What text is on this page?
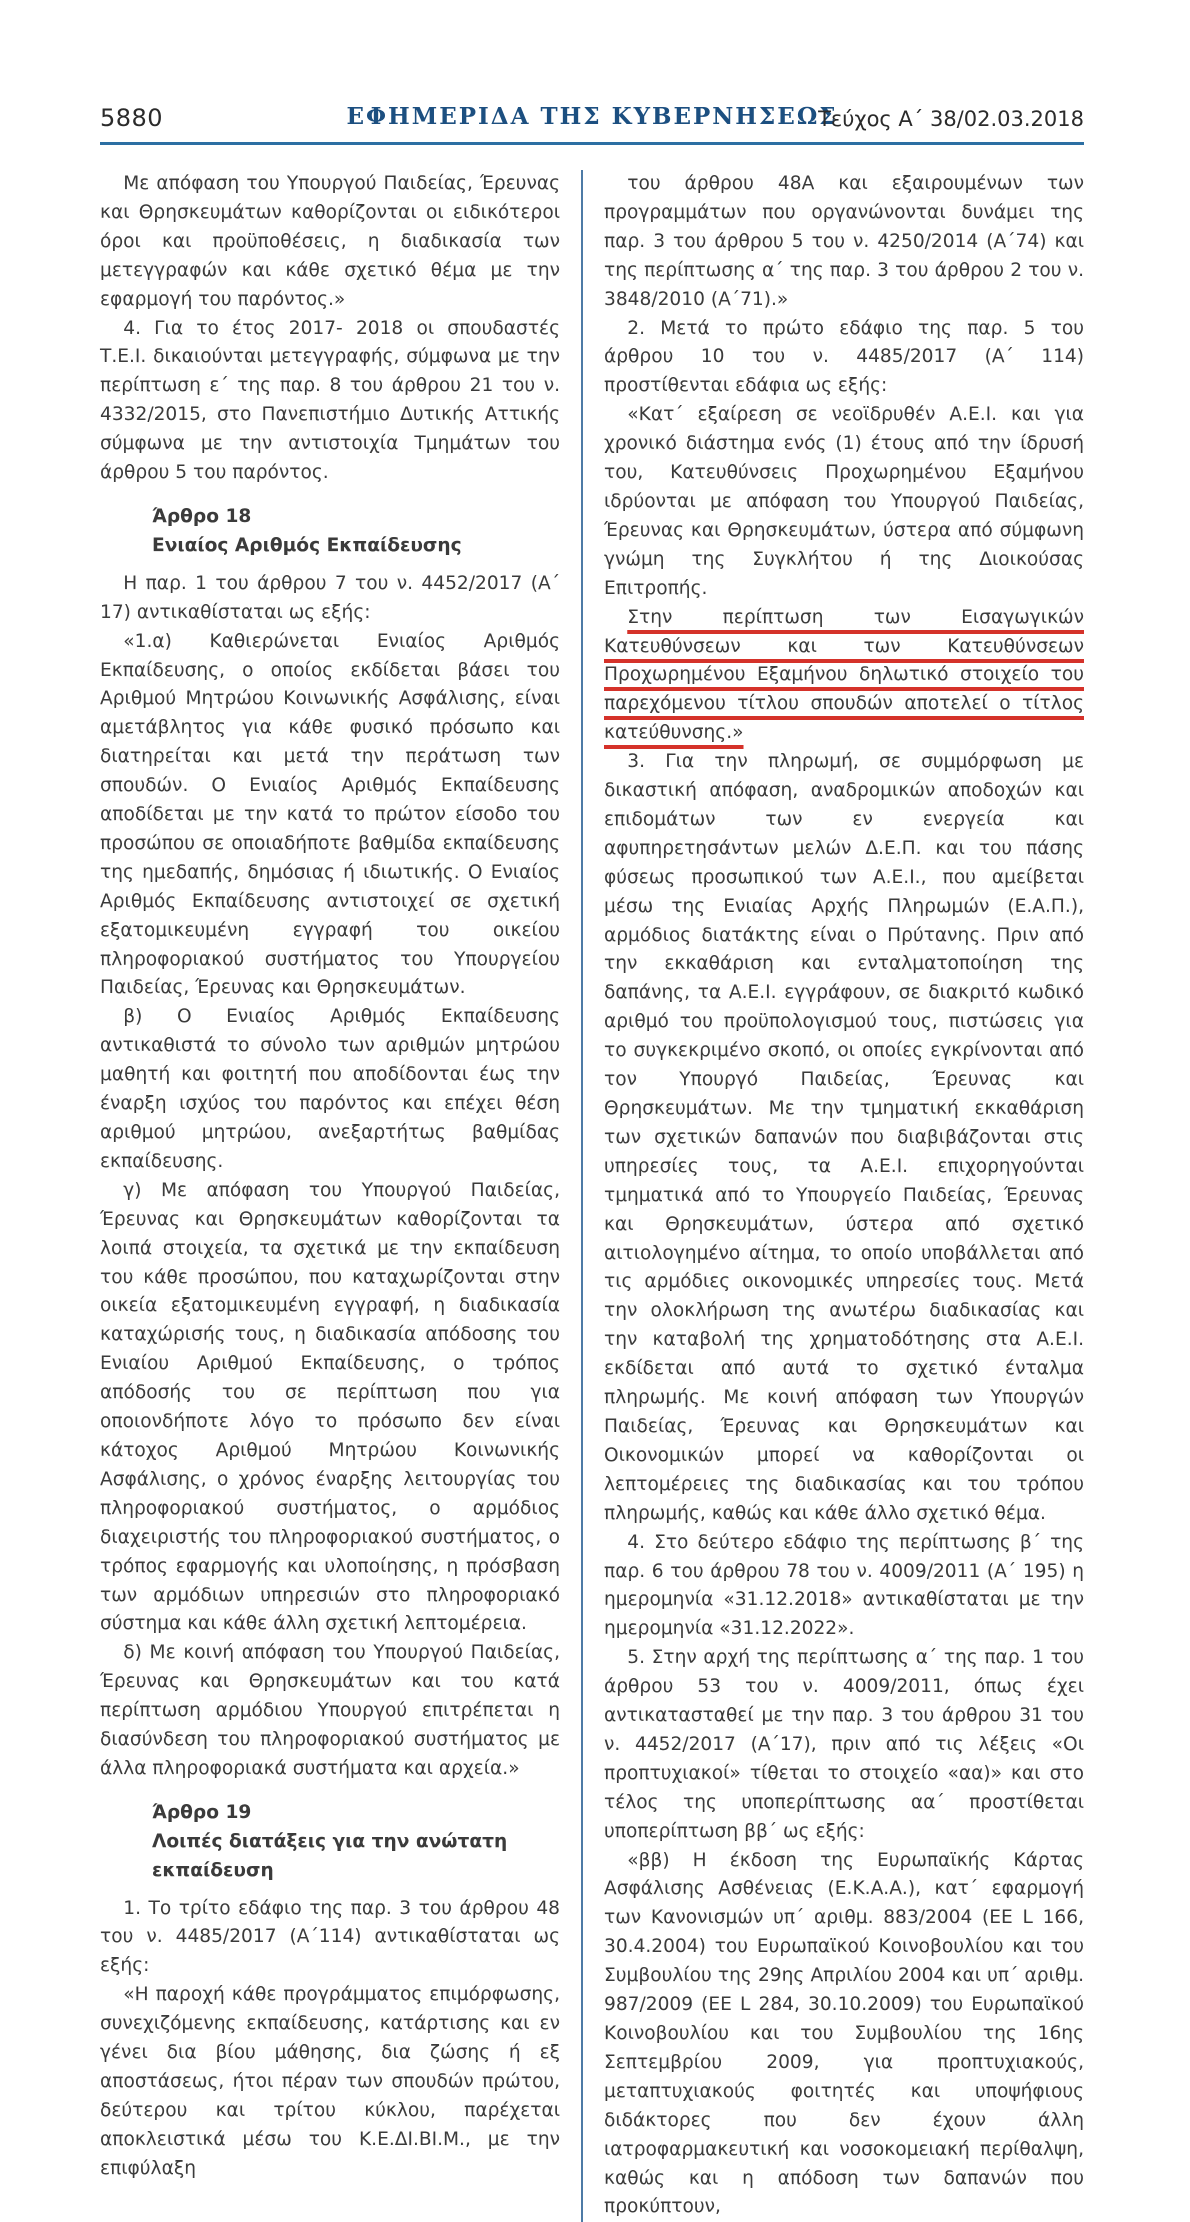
5880	ΕΦΗΜΕΡΙΔΑ ΤΗΣ ΚΥΒΕΡΝΗΣΕΩΣ
Τεύχος Α΄ 38/02.03.2018

Με απόφαση του Υπουργού Παιδείας, Έρευνας και Θρησκευμάτων καθορίζονται οι ειδικότεροι όροι και προϋποθέσεις, η διαδικασία των μετεγγραφών και κάθε σχετικό θέμα με την εφαρμογή του παρόντος.»

4. Για το έτος 2017- 2018 οι σπουδαστές Τ.Ε.Ι. δικαιούνται μετεγγραφής, σύμφωνα με την περίπτωση ε΄ της παρ. 8 του άρθρου 21 του ν. 4332/2015, στο Πανεπιστήμιο Δυτικής Αττικής σύμφωνα με την αντιστοιχία Τμημάτων του άρθρου 5 του παρόντος.

Άρθρο 18
Ενιαίος Αριθμός Εκπαίδευσης

Η παρ. 1 του άρθρου 7 του ν. 4452/2017 (Α΄ 17) αντικαθίσταται ως εξής:

«1.α) Καθιερώνεται Ενιαίος Αριθμός Εκπαίδευσης, ο οποίος εκδίδεται βάσει του Αριθμού Μητρώου Κοινωνικής Ασφάλισης, είναι αμετάβλητος για κάθε φυσικό πρόσωπο και διατηρείται και μετά την περάτωση των σπουδών. Ο Ενιαίος Αριθμός Εκπαίδευσης αποδίδεται με την κατά το πρώτον είσοδο του προσώπου σε οποιαδήποτε βαθμίδα εκπαίδευσης της ημεδαπής, δημόσιας ή ιδιωτικής. Ο Ενιαίος Αριθμός Εκπαίδευσης αντιστοιχεί σε σχετική εξατομικευμένη εγγραφή του οικείου πληροφοριακού συστήματος του Υπουργείου Παιδείας, Έρευνας και Θρησκευμάτων.

β) Ο Ενιαίος Αριθμός Εκπαίδευσης αντικαθιστά το σύνολο των αριθμών μητρώου μαθητή και φοιτητή που αποδίδονται έως την έναρξη ισχύος του παρόντος και επέχει θέση αριθμού μητρώου, ανεξαρτήτως βαθμίδας εκπαίδευσης.

γ) Με απόφαση του Υπουργού Παιδείας, Έρευνας και Θρησκευμάτων καθορίζονται τα λοιπά στοιχεία, τα σχετικά με την εκπαίδευση του κάθε προσώπου, που καταχωρίζονται στην οικεία εξατομικευμένη εγγραφή, η διαδικασία καταχώρισής τους, η διαδικασία απόδοσης του Ενιαίου Αριθμού Εκπαίδευσης, ο τρόπος απόδοσής του σε περίπτωση που για οποιονδήποτε λόγο το πρόσωπο δεν είναι κάτοχος Αριθμού Μητρώου Κοινωνικής Ασφάλισης, ο χρόνος έναρξης λειτουργίας του πληροφοριακού συστήματος, ο αρμόδιος διαχειριστής του πληροφοριακού συστήματος, ο τρόπος εφαρμογής και υλοποίησης, η πρόσβαση των αρμόδιων υπηρεσιών στο πληροφοριακό σύστημα και κάθε άλλη σχετική λεπτομέρεια.

δ) Με κοινή απόφαση του Υπουργού Παιδείας, Έρευνας και Θρησκευμάτων και του κατά περίπτωση αρμόδιου Υπουργού επιτρέπεται η διασύνδεση του πληροφοριακού συστήματος με άλλα πληροφοριακά συστήματα και αρχεία.»

Άρθρο 19
Λοιπές διατάξεις για την ανώτατη εκπαίδευση

1. Το τρίτο εδάφιο της παρ. 3 του άρθρου 48 του ν. 4485/2017 (Α΄114) αντικαθίσταται ως εξής:

«Η παροχή κάθε προγράμματος επιμόρφωσης, συνεχιζόμενης εκπαίδευσης, κατάρτισης και εν γένει δια βίου μάθησης, δια ζώσης ή εξ αποστάσεως, ήτοι πέραν των σπουδών πρώτου, δεύτερου και τρίτου κύκλου, παρέχεται αποκλειστικά μέσω του Κ.Ε.ΔΙ.ΒΙ.Μ., με την επιφύλαξη

του άρθρου 48Α και εξαιρουμένων των προγραμμάτων που οργανώνονται δυνάμει της παρ. 3 του άρθρου 5 του ν. 4250/2014 (Α΄74) και της περίπτωσης α΄ της παρ. 3 του άρθρου 2 του ν. 3848/2010 (Α΄71).»

2. Μετά το πρώτο εδάφιο της παρ. 5 του άρθρου 10 του ν. 4485/2017 (Α΄ 114) προστίθενται εδάφια ως εξής:

«Κατ΄ εξαίρεση σε νεοϊδρυθέν Α.Ε.Ι. και για χρονικό διάστημα ενός (1) έτους από την ίδρυσή του, Κατευθύνσεις Προχωρημένου Εξαμήνου ιδρύονται με απόφαση του Υπουργού Παιδείας, Έρευνας και Θρησκευμάτων, ύστερα από σύμφωνη γνώμη της Συγκλήτου ή της Διοικούσας Επιτροπής.

Στην περίπτωση των Εισαγωγικών Κατευθύνσεων και των Κατευθύνσεων Προχωρημένου Εξαμήνου δηλωτικό στοιχείο του παρεχόμενου τίτλου σπουδών αποτελεί ο τίτλος κατεύθυνσης.»

3. Για την πληρωμή, σε συμμόρφωση με δικαστική απόφαση, αναδρομικών αποδοχών και επιδομάτων των εν ενεργεία και αφυπηρετησάντων μελών Δ.Ε.Π. και του πάσης φύσεως προσωπικού των Α.Ε.Ι., που αμείβεται μέσω της Ενιαίας Αρχής Πληρωμών (Ε.Α.Π.), αρμόδιος διατάκτης είναι ο Πρύτανης. Πριν από την εκκαθάριση και ενταλματοποίηση της δαπάνης, τα Α.Ε.Ι. εγγράφουν, σε διακριτό κωδικό αριθμό του προϋπολογισμού τους, πιστώσεις για το συγκεκριμένο σκοπό, οι οποίες εγκρίνονται από τον Υπουργό Παιδείας, Έρευνας και Θρησκευμάτων. Με την τμηματική εκκαθάριση των σχετικών δαπανών που διαβιβάζονται στις υπηρεσίες τους, τα Α.Ε.Ι. επιχορηγούνται τμηματικά από το Υπουργείο Παιδείας, Έρευνας και Θρησκευμάτων, ύστερα από σχετικό αιτιολογημένο αίτημα, το οποίο υποβάλλεται από τις αρμόδιες οικονομικές υπηρεσίες τους. Μετά την ολοκλήρωση της ανωτέρω διαδικασίας και την καταβολή της χρηματοδότησης στα Α.Ε.Ι. εκδίδεται από αυτά το σχετικό ένταλμα πληρωμής. Με κοινή απόφαση των Υπουργών Παιδείας, Έρευνας και Θρησκευμάτων και Οικονομικών μπορεί να καθορίζονται οι λεπτομέρειες της διαδικασίας και του τρόπου πληρωμής, καθώς και κάθε άλλο σχετικό θέμα.

4. Στο δεύτερο εδάφιο της περίπτωσης β΄ της παρ. 6 του άρθρου 78 του ν. 4009/2011 (Α΄ 195) η ημερομηνία «31.12.2018» αντικαθίσταται με την ημερομηνία «31.12.2022».

5. Στην αρχή της περίπτωσης α΄ της παρ. 1 του άρθρου 53 του ν. 4009/2011, όπως έχει αντικατασταθεί με την παρ. 3 του άρθρου 31 του ν. 4452/2017 (Α΄17), πριν από τις λέξεις «Οι προπτυχιακοί» τίθεται το στοιχείο «αα)» και στο τέλος της υποπερίπτωσης αα΄ προστίθεται υποπερίπτωση ββ΄ ως εξής:

«ββ) Η έκδοση της Ευρωπαϊκής Κάρτας Ασφάλισης Ασθένειας (Ε.Κ.Α.Α.), κατ΄ εφαρμογή των Κανονισμών υπ΄ αριθμ. 883/2004 (ΕΕ L 166, 30.4.2004) του Ευρωπαϊκού Κοινοβουλίου και του Συμβουλίου της 29ης Απριλίου 2004 και υπ΄ αριθμ. 987/2009 (ΕΕ L 284, 30.10.2009) του Ευρωπαϊκού Κοινοβουλίου και του Συμβουλίου της 16ης Σεπτεμβρίου 2009, για προπτυχιακούς, μεταπτυχιακούς φοιτητές και υποψήφιους διδάκτορες που δεν έχουν άλλη ιατροφαρμακευτική και νοσοκομειακή περίθαλψη, καθώς και η απόδοση των δαπανών που προκύπτουν,
